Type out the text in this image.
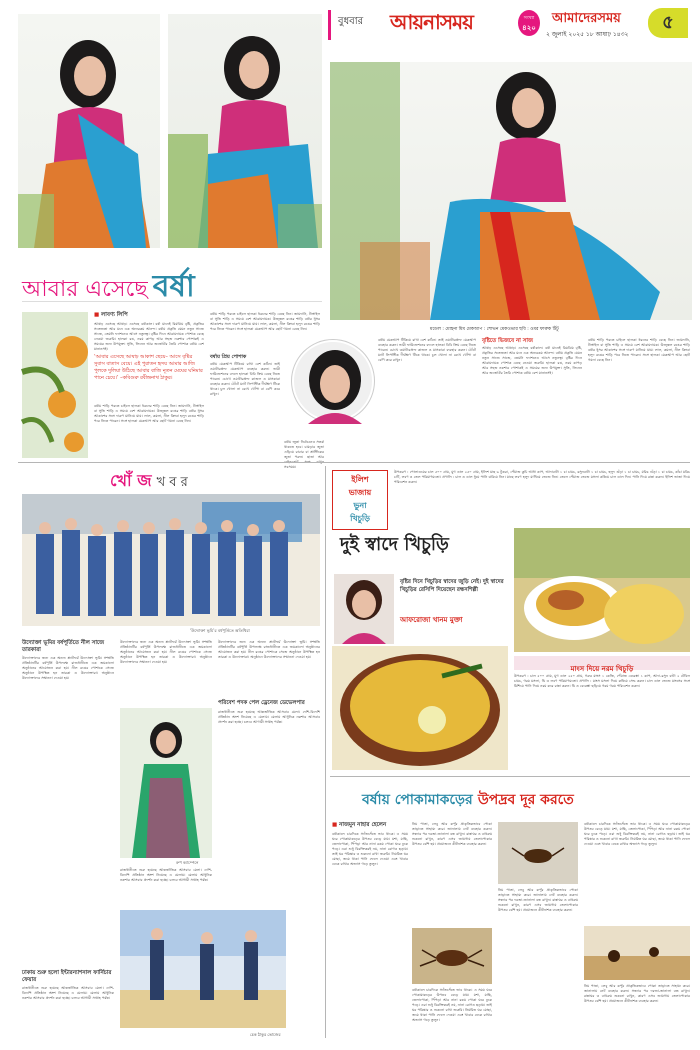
বুধবার আয়নাসময়	সংখ্যা
৪২০
আমাদেরসময়
২ জুলাই ২০২৫ ১৮ আষাঢ় ১৪৩২
৫
আবার এসেছে বর্ষা
■ লাবণ্য লিপি
আষাঢ় এসেছে আষাঢ়। এসেছে বর্ষাকাল। বর্ষা মানেই রিমঝিম বৃষ্টি, প্রকৃতির সতেজতা আর মনে এক অন্যরকম আনন্দ। বর্ষায় প্রকৃতি যেমন নতুন সাজে সাজে, তেমনি ফ্যাশনেও আসে নতুনত্ব। বৃষ্টির দিনে আরামদায়ক পোশাক বেছে নেওয়া জরুরি। হালকা রঙ, নরম কাপড় আর সহজ নকশার পোশাকই এ সময়ের জন্য উপযুক্ত। সুতি, লিনেন আর জর্জেটের তৈরি পোশাক বর্ষায় বেশ মানানসই।
‘আবার এসেছে আষাঢ় আকাশ ছেয়ে– আসে বৃষ্টির সুবাস বাতাস বেয়ে। এই পুরাতন হৃদয় আমার আজি পুলকে দুলিয়া উঠিছে আবার বাজি নূতন মেঘের ঘনিমার পানে চেয়ে।’ –কবিগুরু রবীন্দ্রনাথ ঠাকুর।
বর্ষায় শাড়ি পরতে চাইলে হালকা ধরনের শাড়ি বেছে নিন। জামদানি, টাঙ্গাইল বা সুতি শাড়ি এ সময়ে বেশ আরামদায়ক। উজ্জ্বল রঙের শাড়ি বর্ষার ধূসর আকাশের সঙ্গে দারুণ মানিয়ে যায়। লাল, কমলা, নীল কিংবা হলুদ রঙের শাড়ি পরে নিতে পারেন। সঙ্গে হালকা মেকআপ আর ছোট গয়না বেছে নিন।
বর্ষায় শাড়ি পরতে চাইলে হালকা ধরনের শাড়ি বেছে নিন। জামদানি, টাঙ্গাইল বা সুতি শাড়ি এ সময়ে বেশ আরামদায়ক। উজ্জ্বল রঙের শাড়ি বর্ষার ধূসর আকাশের সঙ্গে দারুণ মানিয়ে যায়। লাল, কমলা, নীল কিংবা হলুদ রঙের শাড়ি পরে নিতে পারেন। সঙ্গে হালকা মেকআপ আর ছোট গয়না বেছে নিন।
বর্ষায় প্রিয় পোশাক
বর্ষায় মেকআপ টিকিয়ে রাখা বেশ কঠিন। তাই ওয়াটারপ্রুফ মেকআপ ব্যবহার করুন। ভারী ফাউন্ডেশনের বদলে হালকা বিবি ক্রিম বেছে নিতে পারেন। চোখে ওয়াটারপ্রুফ কাজল ও মাসকারা ব্যবহার করুন। ঠোঁটে ম্যাট লিপস্টিক দীর্ঘক্ষণ টিকে থাকে। চুল খোলা না রেখে খোঁপা বা বেণি করে রাখুন।
বর্ষায় জুতা নির্বাচনেও সতর্ক থাকতে হবে। চামড়ার জুতা এড়িয়ে রাবার বা প্লাস্টিকের জুতা পরুন। ছাতা আর সবসময়।
মডেল : মোহনা মিম মেকআপ : শোভন মেকওভার ছবি : ওমর ফারুক টিটু
বর্ষায় মেকআপ টিকিয়ে রাখা বেশ কঠিন। তাই ওয়াটারপ্রুফ মেকআপ ব্যবহার করুন। ভারী ফাউন্ডেশনের বদলে হালকা বিবি ক্রিম বেছে নিতে পারেন। চোখে ওয়াটারপ্রুফ কাজল ও মাসকারা ব্যবহার করুন। ঠোঁটে ম্যাট লিপস্টিক দীর্ঘক্ষণ টিকে থাকে। চুল খোলা না রেখে খোঁপা বা বেণি করে রাখুন।
বৃষ্টিতে ভিজবে না সাজ
আষাঢ় এসেছে আষাঢ়। এসেছে বর্ষাকাল। বর্ষা মানেই রিমঝিম বৃষ্টি, প্রকৃতির সতেজতা আর মনে এক অন্যরকম আনন্দ। বর্ষায় প্রকৃতি যেমন নতুন সাজে সাজে, তেমনি ফ্যাশনেও আসে নতুনত্ব। বৃষ্টির দিনে আরামদায়ক পোশাক বেছে নেওয়া জরুরি। হালকা রঙ, নরম কাপড় আর সহজ নকশার পোশাকই এ সময়ের জন্য উপযুক্ত। সুতি, লিনেন আর জর্জেটের তৈরি পোশাক বর্ষায় বেশ মানানসই।
বর্ষায় শাড়ি পরতে চাইলে হালকা ধরনের শাড়ি বেছে নিন। জামদানি, টাঙ্গাইল বা সুতি শাড়ি এ সময়ে বেশ আরামদায়ক। উজ্জ্বল রঙের শাড়ি বর্ষার ধূসর আকাশের সঙ্গে দারুণ মানিয়ে যায়। লাল, কমলা, নীল কিংবা হলুদ রঙের শাড়ি পরে নিতে পারেন। সঙ্গে হালকা মেকআপ আর ছোট গয়না বেছে নিন।
খোঁ জ খ ব র
‘উদ্যোক্তা ভূমি’র বর্ষপূর্তিতে অতিথিরা
উদ্যোক্তা ভূমির বর্ষপূর্তিতে নীল সাজে তারকারা
উদ্যোক্তাদের জন্য এক অনন্য প্ল্যাটফর্ম উদ্যোক্তা ভূমি। সম্প্রতি প্রতিষ্ঠানটির বর্ষপূর্তি উপলক্ষে রাজধানীতে এক জমকালো অনুষ্ঠানের আয়োজন করা হয়। নীল রঙের পোশাকে সেজে অনুষ্ঠানে উপস্থিত হন তারকা ও উদ্যোক্তারা। অনুষ্ঠানে উদ্যোক্তাদের সম্মাননা দেওয়া হয়।
উদ্যোক্তাদের জন্য এক অনন্য প্ল্যাটফর্ম উদ্যোক্তা ভূমি। সম্প্রতি প্রতিষ্ঠানটির বর্ষপূর্তি উপলক্ষে রাজধানীতে এক জমকালো অনুষ্ঠানের আয়োজন করা হয়। নীল রঙের পোশাকে সেজে অনুষ্ঠানে উপস্থিত হন তারকা ও উদ্যোক্তারা। অনুষ্ঠানে উদ্যোক্তাদের সম্মাননা দেওয়া হয়।
রুপ ক্যাম্পেনে
রাজধানীতে শুরু হয়েছে আন্তর্জাতিক আসবাব মেলা। দেশি-বিদেশি প্রতিষ্ঠান অংশ নিয়েছে এ মেলায়। মেলায় আধুনিক নকশার আসবাব প্রদর্শন করা হচ্ছে। চলবে আগামী সপ্তাহ পর্যন্ত।
চেক ঠাকুর ভোজের
উদ্যোক্তাদের জন্য এক অনন্য প্ল্যাটফর্ম উদ্যোক্তা ভূমি। সম্প্রতি প্রতিষ্ঠানটির বর্ষপূর্তি উপলক্ষে রাজধানীতে এক জমকালো অনুষ্ঠানের আয়োজন করা হয়। নীল রঙের পোশাকে সেজে অনুষ্ঠানে উপস্থিত হন তারকা ও উদ্যোক্তারা। অনুষ্ঠানে উদ্যোক্তাদের সম্মাননা দেওয়া হয়।
পরিবেশ পদক পেল ড্রেনেজ ডেভেলপার
রাজধানীতে শুরু হয়েছে আন্তর্জাতিক আসবাব মেলা। দেশি-বিদেশি প্রতিষ্ঠান অংশ নিয়েছে এ মেলায়। মেলায় আধুনিক নকশার আসবাব প্রদর্শন করা হচ্ছে। চলবে আগামী সপ্তাহ পর্যন্ত।
ঢাকায় শুরু হলো ইন্টারন্যাশনাল ফার্নিচার ফেয়ার
রাজধানীতে শুরু হয়েছে আন্তর্জাতিক আসবাব মেলা। দেশি-বিদেশি প্রতিষ্ঠান অংশ নিয়েছে এ মেলায়। মেলায় আধুনিক নকশার আসবাব প্রদর্শন করা হচ্ছে। চলবে আগামী সপ্তাহ পর্যন্ত।
ইলিশ
ভাজায়
ভুনা
খিচুড়ি
উপকরণ : পোলাওয়ের চাল ৫০০ গ্রাম, মুগ ডাল ২৫০ গ্রাম, ইলিশ মাছ ৬ টুকরা, পেঁয়াজ কুচি আধা কাপ, আদাবাটা ১ চা চামচ, রসুনবাটা ১ চা চামচ, হলুদ গুঁড়া ১ চা চামচ, মরিচ গুঁড়া ১ চা চামচ, কাঁচা মরিচ ৮টি, লবণ ও তেল পরিমাণমতো। প্রণালি : চাল ও ডাল ধুয়ে পানি ঝরিয়ে নিন। মাছে লবণ হলুদ মাখিয়ে ভেজে নিন। তেলে পেঁয়াজ ভেজে মসলা কষিয়ে চাল ডাল দিন। পানি দিয়ে রান্না করুন। ইলিশ ভাজা দিয়ে পরিবেশন করুন।
দুই স্বাদে খিচুড়ি
বৃষ্টির দিনে খিচুড়ির স্বাদের জুড়ি নেই। দুই স্বাদের খিচুড়ির রেসিপি দিয়েছেন রন্ধনশিল্পী
আফরোজা খানম মুক্তা
মাংস দিয়ে নরম খিচুড়ি
উপকরণ : চাল ৫০০ গ্রাম, মুগ ডাল ২৫০ গ্রাম, গরুর মাংস ১ কেজি, পেঁয়াজ বেরেস্তা ১ কাপ, আদা-রসুন বাটা ২ টেবিল চামচ, গরম মসলা, ঘি ও লবণ পরিমাণমতো। প্রণালি : মাংস মসলা দিয়ে কষিয়ে সেদ্ধ করুন। চাল ডাল ভেজে মাংসের সঙ্গে মিশিয়ে পানি দিয়ে নরম করে রান্না করুন। ঘি ও বেরেস্তা ছড়িয়ে গরম গরম পরিবেশন করুন।
বর্ষায় পোকামাকড়ের উপদ্রব দূর করতে
■ নাজমুন নাহার হেলেন
বর্ষাকালে চারদিকে স্যাঁতসেঁতে ভাব থাকে। এ সময় ঘরে পোকামাকড়ের উপদ্রব বেড়ে যায়। মশা, মাছি, তেলাপোকা, পিঁপড়া আর নানা রকম পোকা ঘরে ঢুকে পড়ে। এরা শুধু বিরক্তিকরই নয়, নানা রোগও ছড়ায়। তাই ঘর পরিষ্কার ও শুকনো রাখা জরুরি। নিয়মিত ঘর মোছা, জমে থাকা পানি ফেলে দেওয়া এবং খাবার ঢেকে রাখার অভ্যাস গড়ে তুলুন।
নিম পাতা, লেবু আর কর্পূর প্রাকৃতিকভাবে পোকা তাড়াতে সাহায্য করে। জানালায় নেট ব্যবহার করুন। সন্ধ্যার পর দরজা-জানালা বন্ধ রাখুন। রান্নাঘর ও বাথরুম শুকনো রাখুন, কারণ এসব জায়গায় তেলাপোকার উপদ্রব বেশি হয়। প্রয়োজনে কীটনাশক ব্যবহার করুন।
বর্ষাকালে চারদিকে স্যাঁতসেঁতে ভাব থাকে। এ সময় ঘরে পোকামাকড়ের উপদ্রব বেড়ে যায়। মশা, মাছি, তেলাপোকা, পিঁপড়া আর নানা রকম পোকা ঘরে ঢুকে পড়ে। এরা শুধু বিরক্তিকরই নয়, নানা রোগও ছড়ায়। তাই ঘর পরিষ্কার ও শুকনো রাখা জরুরি। নিয়মিত ঘর মোছা, জমে থাকা পানি ফেলে দেওয়া এবং খাবার ঢেকে রাখার অভ্যাস গড়ে তুলুন।
নিম পাতা, লেবু আর কর্পূর প্রাকৃতিকভাবে পোকা তাড়াতে সাহায্য করে। জানালায় নেট ব্যবহার করুন। সন্ধ্যার পর দরজা-জানালা বন্ধ রাখুন। রান্নাঘর ও বাথরুম শুকনো রাখুন, কারণ এসব জায়গায় তেলাপোকার উপদ্রব বেশি হয়। প্রয়োজনে কীটনাশক ব্যবহার করুন।
বর্ষাকালে চারদিকে স্যাঁতসেঁতে ভাব থাকে। এ সময় ঘরে পোকামাকড়ের উপদ্রব বেড়ে যায়। মশা, মাছি, তেলাপোকা, পিঁপড়া আর নানা রকম পোকা ঘরে ঢুকে পড়ে। এরা শুধু বিরক্তিকরই নয়, নানা রোগও ছড়ায়। তাই ঘর পরিষ্কার ও শুকনো রাখা জরুরি। নিয়মিত ঘর মোছা, জমে থাকা পানি ফেলে দেওয়া এবং খাবার ঢেকে রাখার অভ্যাস গড়ে তুলুন।
নিম পাতা, লেবু আর কর্পূর প্রাকৃতিকভাবে পোকা তাড়াতে সাহায্য করে। জানালায় নেট ব্যবহার করুন। সন্ধ্যার পর দরজা-জানালা বন্ধ রাখুন। রান্নাঘর ও বাথরুম শুকনো রাখুন, কারণ এসব জায়গায় তেলাপোকার উপদ্রব বেশি হয়। প্রয়োজনে কীটনাশক ব্যবহার করুন।
